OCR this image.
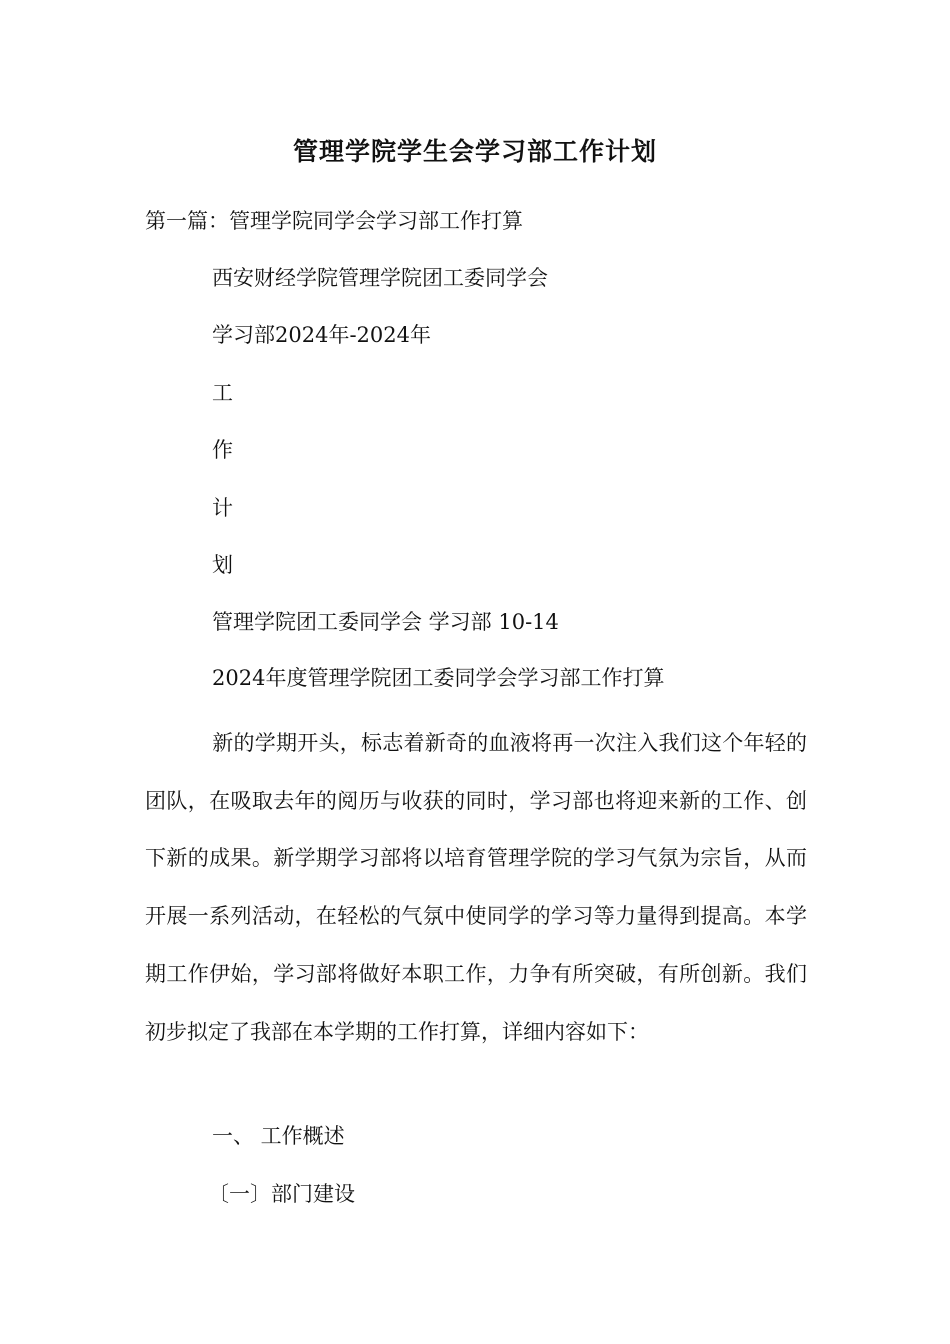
管理学院学生会学习部工作计划
第一篇：管理学院同学会学习部工作打算
西安财经学院管理学院团工委同学会
学习部2024年-2024年
工
作
计
划
管理学院团工委同学会 学习部 10-14
2024年度管理学院团工委同学会学习部工作打算
新的学期开头，标志着新奇的血液将再一次注入我们这个年轻的团队，在吸取去年的阅历与收获的同时，学习部也将迎来新的工作、创下新的成果。新学期学习部将以培育管理学院的学习气氛为宗旨，从而开展一系列活动，在轻松的气氛中使同学的学习等力量得到提高。本学期工作伊始，学习部将做好本职工作，力争有所突破，有所创新。我们初步拟定了我部在本学期的工作打算，详细内容如下：
一、 工作概述
〔一〕部门建设
